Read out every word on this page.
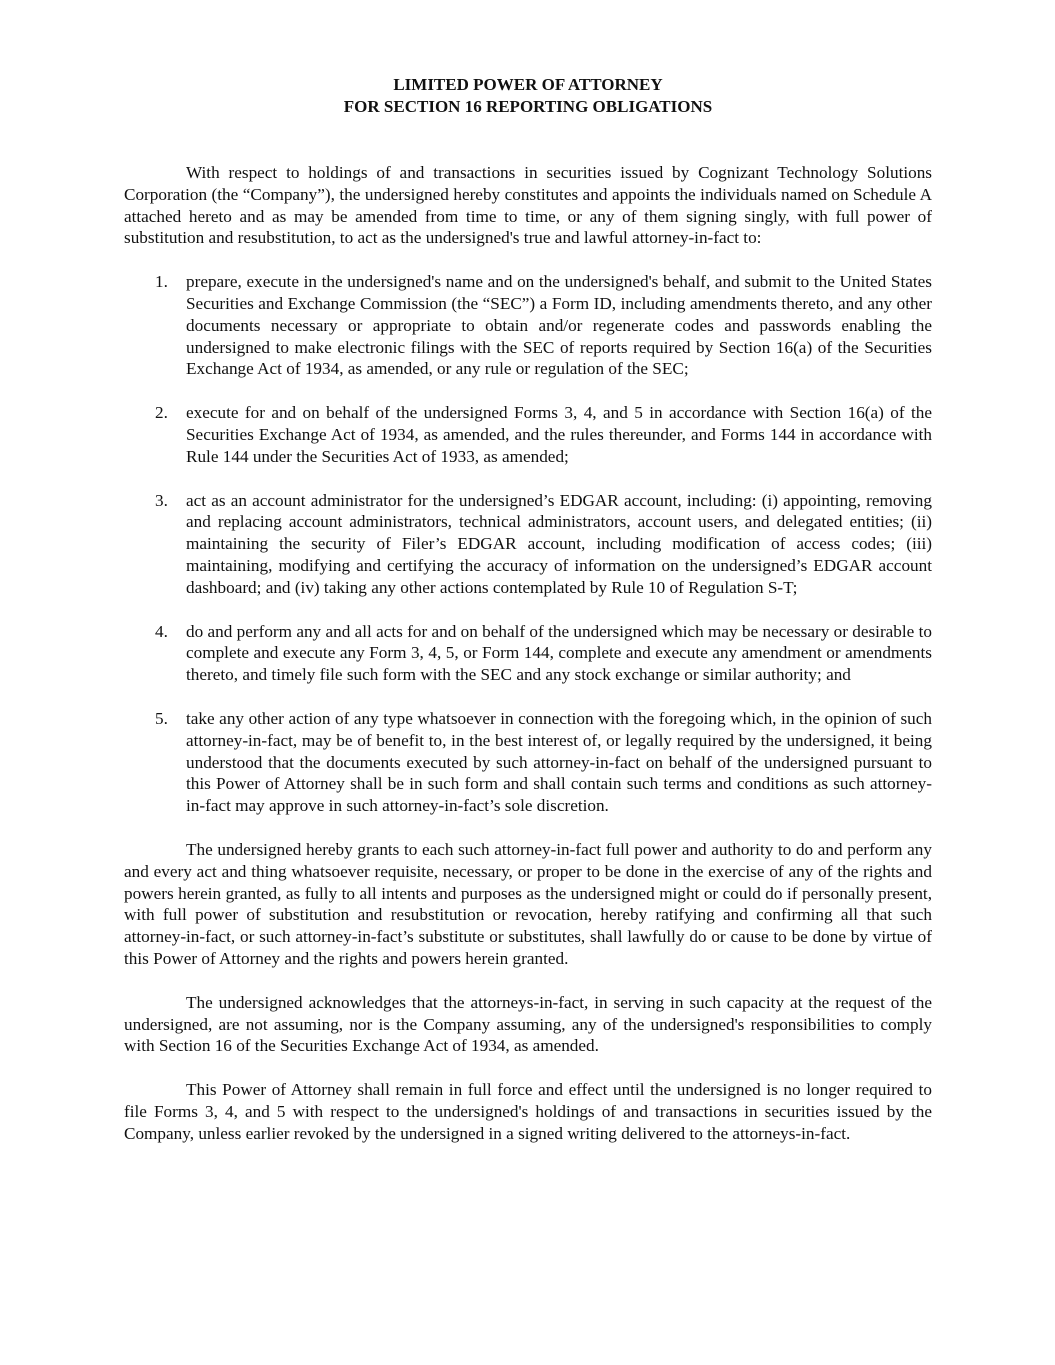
LIMITED POWER OF ATTORNEY

FOR SECTION 16 REPORTING OBLIGATIONS

With respect to holdings of and transactions in securities issued by Cognizant Technology Solutions Corporation (the “Company”), the undersigned hereby constitutes and appoints the individuals named on Schedule A attached hereto and as may be amended from time to time, or any of them signing singly, with full power of substitution and resubstitution, to act as the undersigned's true and lawful attorney-in-fact to:

1. prepare, execute in the undersigned's name and on the undersigned's behalf, and submit to the United States Securities and Exchange Commission (the “SEC”) a Form ID, including amendments thereto, and any other documents necessary or appropriate to obtain and/or regenerate codes and passwords enabling the undersigned to make electronic filings with the SEC of reports required by Section 16(a) of the Securities Exchange Act of 1934, as amended, or any rule or regulation of the SEC;
2. execute for and on behalf of the undersigned Forms 3, 4, and 5 in accordance with Section 16(a) of the Securities Exchange Act of 1934, as amended, and the rules thereunder, and Forms 144 in accordance with Rule 144 under the Securities Act of 1933, as amended;
3. act as an account administrator for the undersigned’s EDGAR account, including: (i) appointing, removing and replacing account administrators, technical administrators, account users, and delegated entities; (ii) maintaining the security of Filer’s EDGAR account, including modification of access codes; (iii) maintaining, modifying and certifying the accuracy of information on the undersigned’s EDGAR account dashboard; and (iv) taking any other actions contemplated by Rule 10 of Regulation S-T;
4. do and perform any and all acts for and on behalf of the undersigned which may be necessary or desirable to complete and execute any Form 3, 4, 5, or Form 144, complete and execute any amendment or amendments thereto, and timely file such form with the SEC and any stock exchange or similar authority; and
5. take any other action of any type whatsoever in connection with the foregoing which, in the opinion of such attorney-in-fact, may be of benefit to, in the best interest of, or legally required by the undersigned, it being understood that the documents executed by such attorney-in-fact on behalf of the undersigned pursuant to this Power of Attorney shall be in such form and shall contain such terms and conditions as such attorney-in-fact may approve in such attorney-in-fact’s sole discretion.

The undersigned hereby grants to each such attorney-in-fact full power and authority to do and perform any and every act and thing whatsoever requisite, necessary, or proper to be done in the exercise of any of the rights and powers herein granted, as fully to all intents and purposes as the undersigned might or could do if personally present, with full power of substitution and resubstitution or revocation, hereby ratifying and confirming all that such attorney-in-fact, or such attorney-in-fact’s substitute or substitutes, shall lawfully do or cause to be done by virtue of this Power of Attorney and the rights and powers herein granted.

The undersigned acknowledges that the attorneys-in-fact, in serving in such capacity at the request of the undersigned, are not assuming, nor is the Company assuming, any of the undersigned's responsibilities to comply with Section 16 of the Securities Exchange Act of 1934, as amended.

This Power of Attorney shall remain in full force and effect until the undersigned is no longer required to file Forms 3, 4, and 5 with respect to the undersigned's holdings of and transactions in securities issued by the Company, unless earlier revoked by the undersigned in a signed writing delivered to the attorneys-in-fact.
